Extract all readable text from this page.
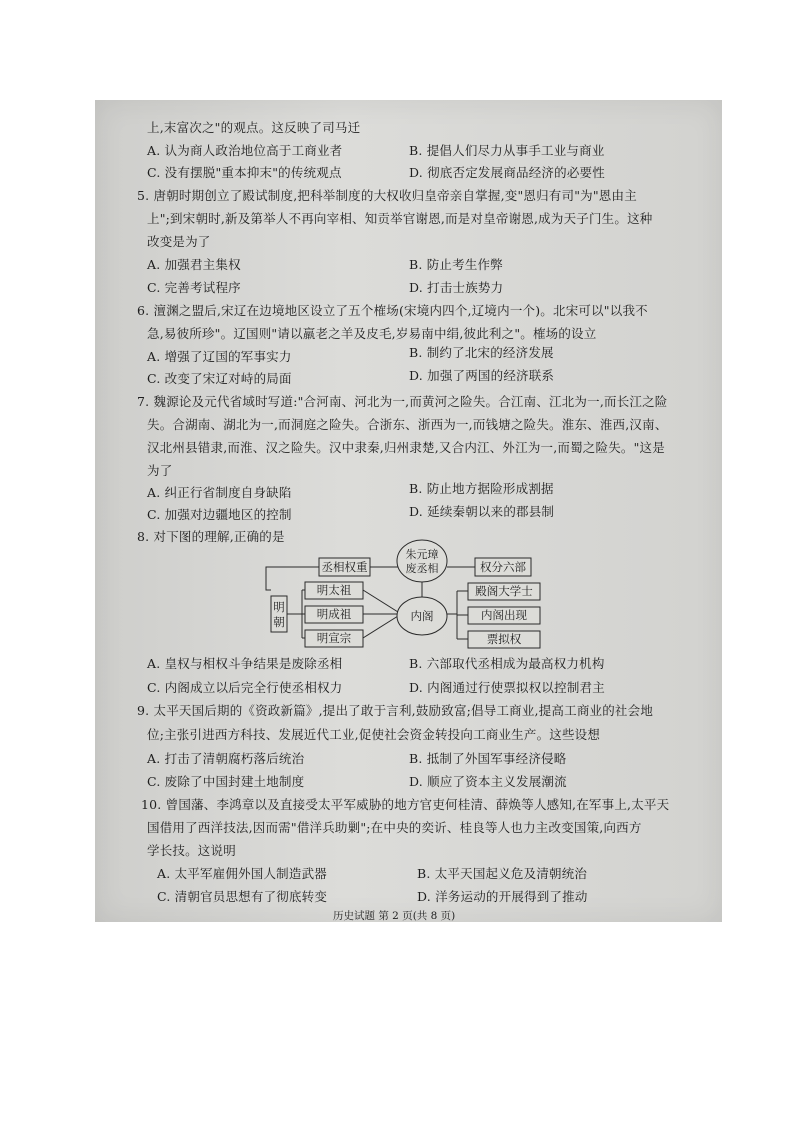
上,末富次之"的观点。这反映了司马迁
A. 认为商人政治地位高于工商业者	B. 提倡人们尽力从事手工业与商业
C. 没有摆脱"重本抑末"的传统观点	D. 彻底否定发展商品经济的必要性
5. 唐朝时期创立了殿试制度,把科举制度的大权收归皇帝亲自掌握,变"恩归有司"为"恩由主
上";到宋朝时,新及第举人不再向宰相、知贡举官谢恩,而是对皇帝谢恩,成为天子门生。这种
改变是为了
A. 加强君主集权	B. 防止考生作弊
C. 完善考试程序	D. 打击士族势力
6. 澶渊之盟后,宋辽在边境地区设立了五个榷场(宋境内四个,辽境内一个)。北宋可以"以我不
急,易彼所珍"。辽国则"请以羸老之羊及皮毛,岁易南中绢,彼此利之"。榷场的设立
A. 增强了辽国的军事实力	B. 制约了北宋的经济发展
C. 改变了宋辽对峙的局面	D. 加强了两国的经济联系
7. 魏源论及元代省域时写道:"合河南、河北为一,而黄河之险失。合江南、江北为一,而长江之险
失。合湖南、湖北为一,而洞庭之险失。合浙东、浙西为一,而钱塘之险失。淮东、淮西,汉南、
汉北州县错隶,而淮、汉之险失。汉中隶秦,归州隶楚,又合内江、外江为一,而蜀之险失。"这是
为了
A. 纠正行省制度自身缺陷	B. 防止地方据险形成割据
C. 加强对边疆地区的控制	D. 延续秦朝以来的郡县制
8. 对下图的理解,正确的是
朱元璋
废丞相
丞相权重	权分六部
明
朝
明太祖
明成祖
明宣宗
内阁
殿阁大学士
内阁出现
票拟权
A. 皇权与相权斗争结果是废除丞相	B. 六部取代丞相成为最高权力机构
C. 内阁成立以后完全行使丞相权力	D. 内阁通过行使票拟权以控制君主
9. 太平天国后期的《资政新篇》,提出了敢于言利,鼓励致富;倡导工商业,提高工商业的社会地
位;主张引进西方科技、发展近代工业,促使社会资金转投向工商业生产。这些设想
A. 打击了清朝腐朽落后统治	B. 抵制了外国军事经济侵略
C. 废除了中国封建土地制度	D. 顺应了资本主义发展潮流
10. 曾国藩、李鸿章以及直接受太平军威胁的地方官吏何桂清、薛焕等人感知,在军事上,太平天
国借用了西洋技法,因而需"借洋兵助剿";在中央的奕䜣、桂良等人也力主改变国策,向西方
学长技。这说明
A. 太平军雇佣外国人制造武器	B. 太平天国起义危及清朝统治
C. 清朝官员思想有了彻底转变	D. 洋务运动的开展得到了推动
历史试题 第 2 页(共 8 页)
